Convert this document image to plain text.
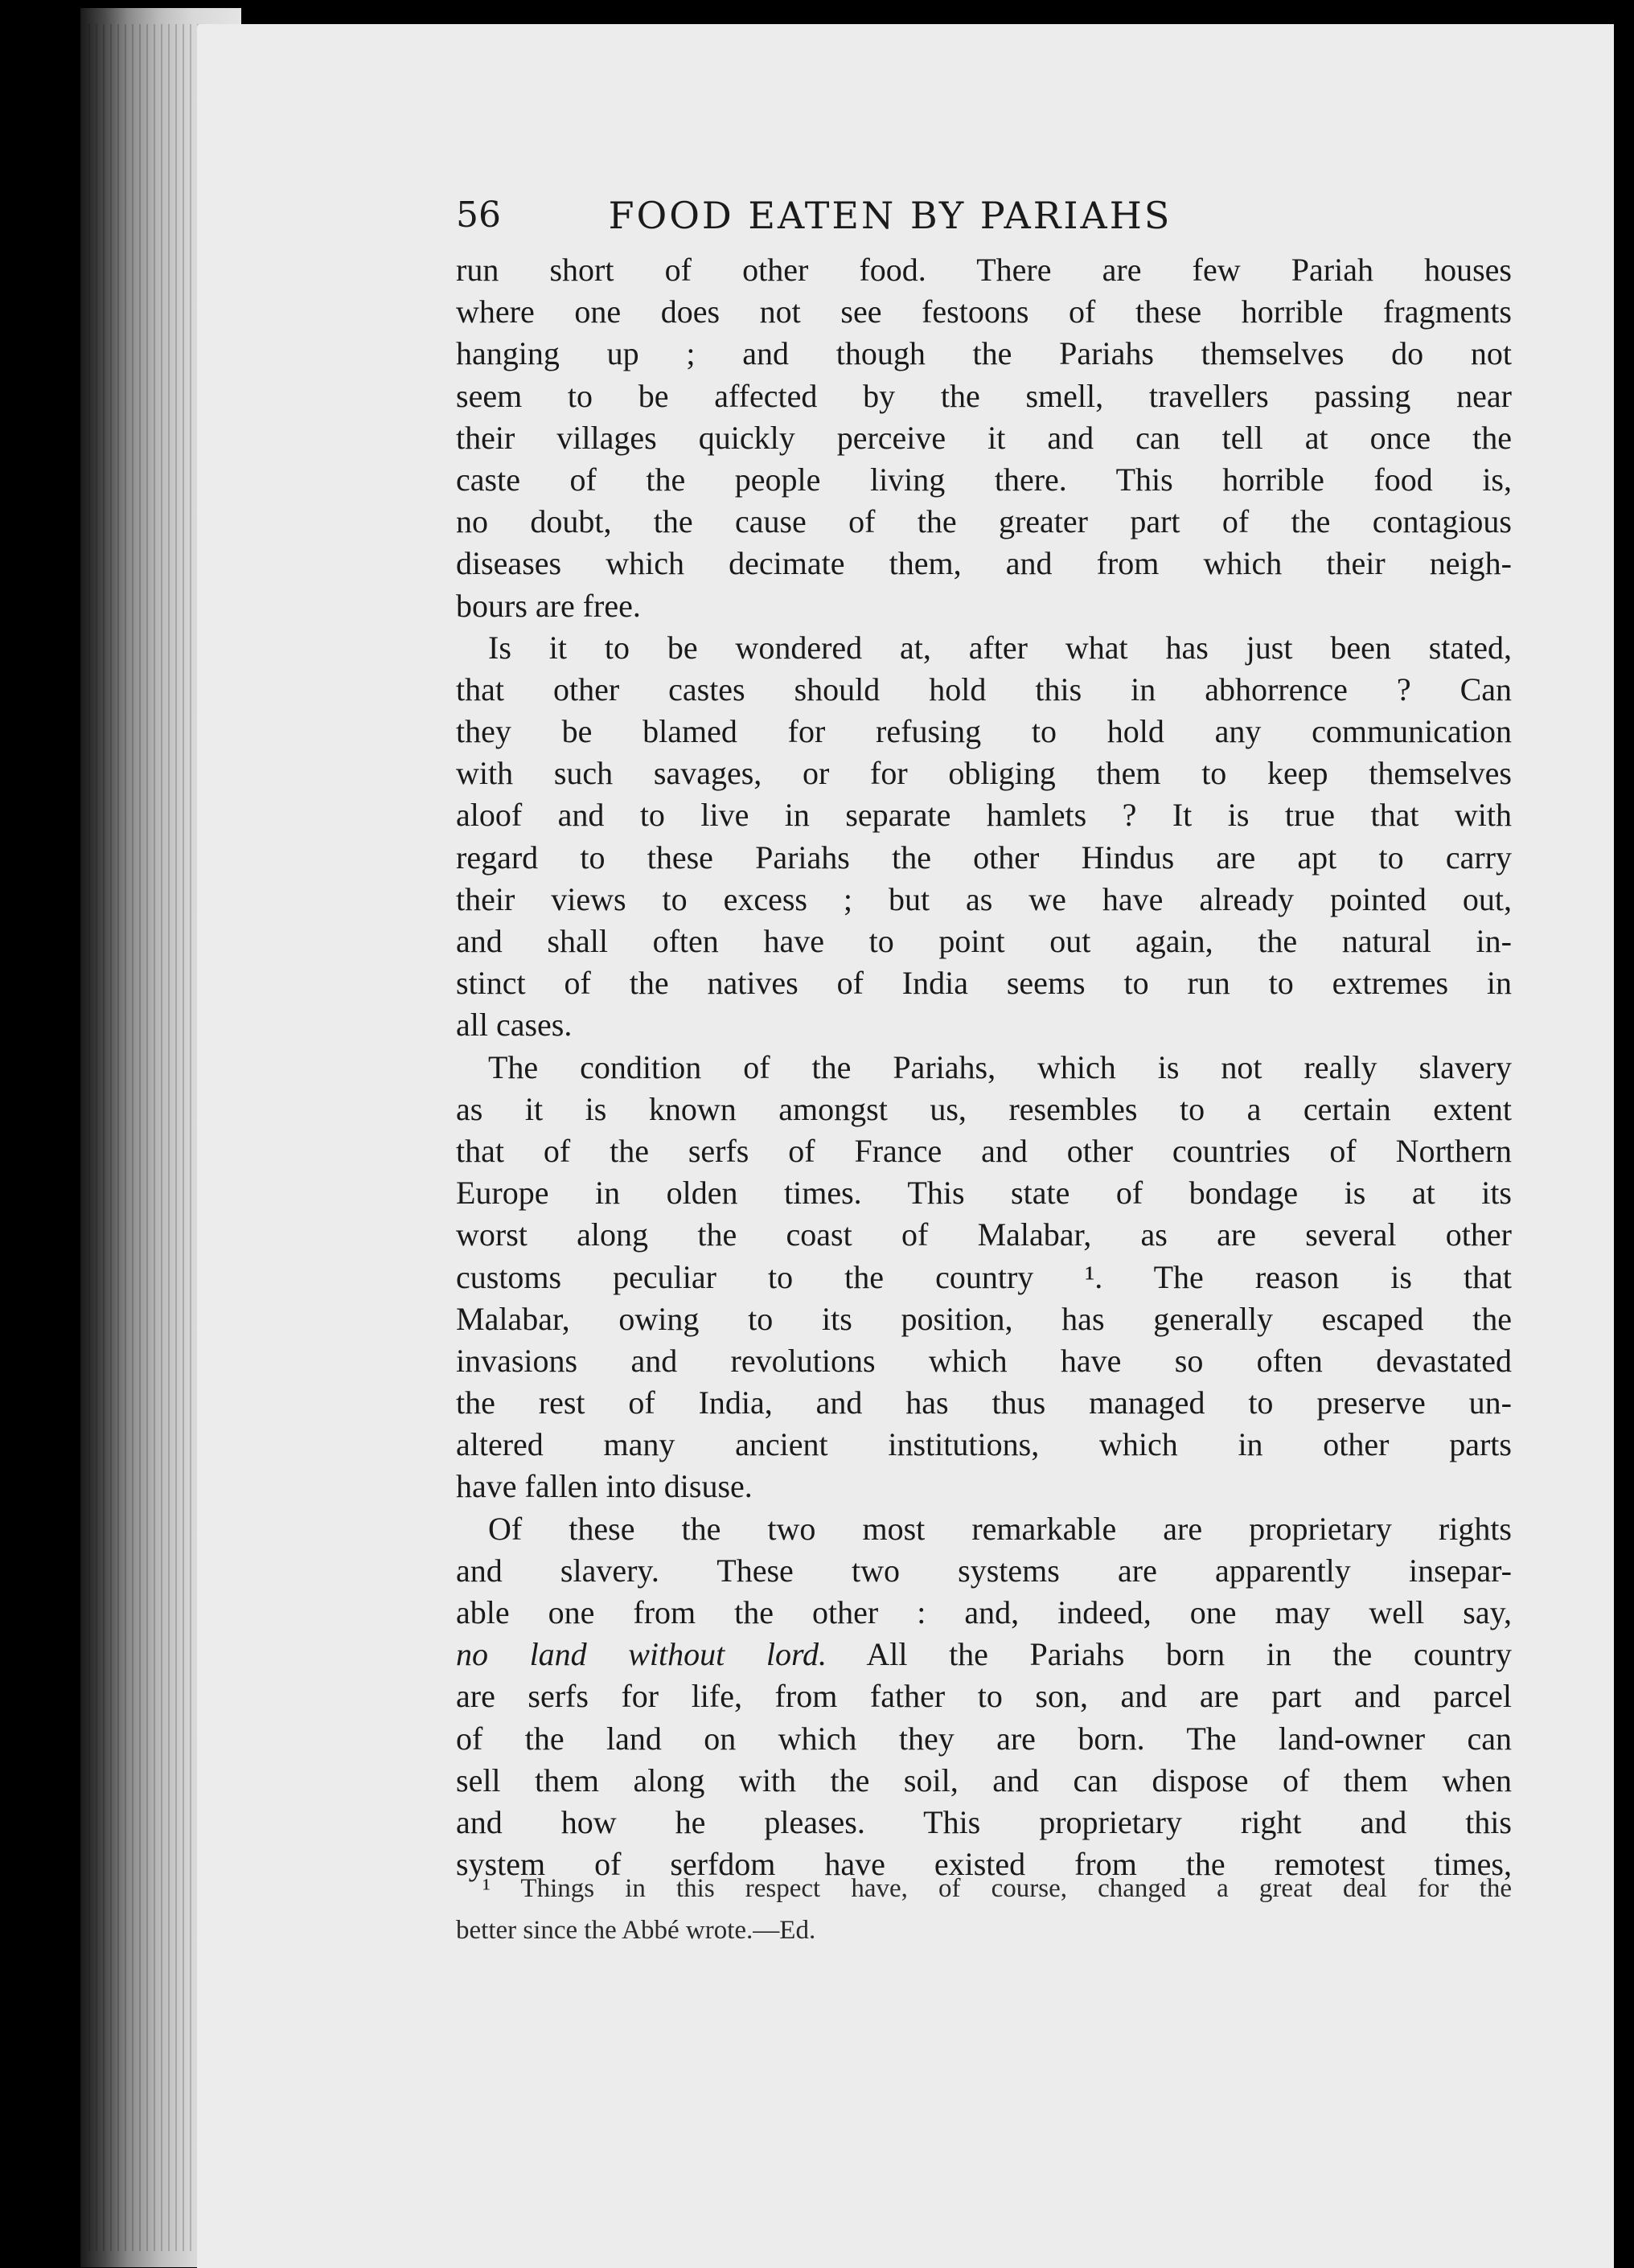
56	FOOD EATEN BY PARIAHS
run short of other food. There are few Pariah houses
where one does not see festoons of these horrible fragments
hanging up ; and though the Pariahs themselves do not
seem to be affected by the smell, travellers passing near
their villages quickly perceive it and can tell at once the
caste of the people living there. This horrible food is,
no doubt, the cause of the greater part of the contagious
diseases which decimate them, and from which their neigh-
bours are free.
 Is it to be wondered at, after what has just been stated,
that other castes should hold this in abhorrence ? Can
they be blamed for refusing to hold any communication
with such savages, or for obliging them to keep themselves
aloof and to live in separate hamlets ? It is true that with
regard to these Pariahs the other Hindus are apt to carry
their views to excess ; but as we have already pointed out,
and shall often have to point out again, the natural in-
stinct of the natives of India seems to run to extremes in
all cases.
 The condition of the Pariahs, which is not really slavery
as it is known amongst us, resembles to a certain extent
that of the serfs of France and other countries of Northern
Europe in olden times. This state of bondage is at its
worst along the coast of Malabar, as are several other
customs peculiar to the country ¹. The reason is that
Malabar, owing to its position, has generally escaped the
invasions and revolutions which have so often devastated
the rest of India, and has thus managed to preserve un-
altered many ancient institutions, which in other parts
have fallen into disuse.
 Of these the two most remarkable are proprietary rights
and slavery. These two systems are apparently insepar-
able one from the other : and, indeed, one may well say,
no land without lord. All the Pariahs born in the country
are serfs for life, from father to son, and are part and parcel
of the land on which they are born. The land-owner can
sell them along with the soil, and can dispose of them when
and how he pleases. This proprietary right and this
system of serfdom have existed from the remotest times,
 ¹ Things in this respect have, of course, changed a great deal for the
better since the Abbé wrote.—Ed.
